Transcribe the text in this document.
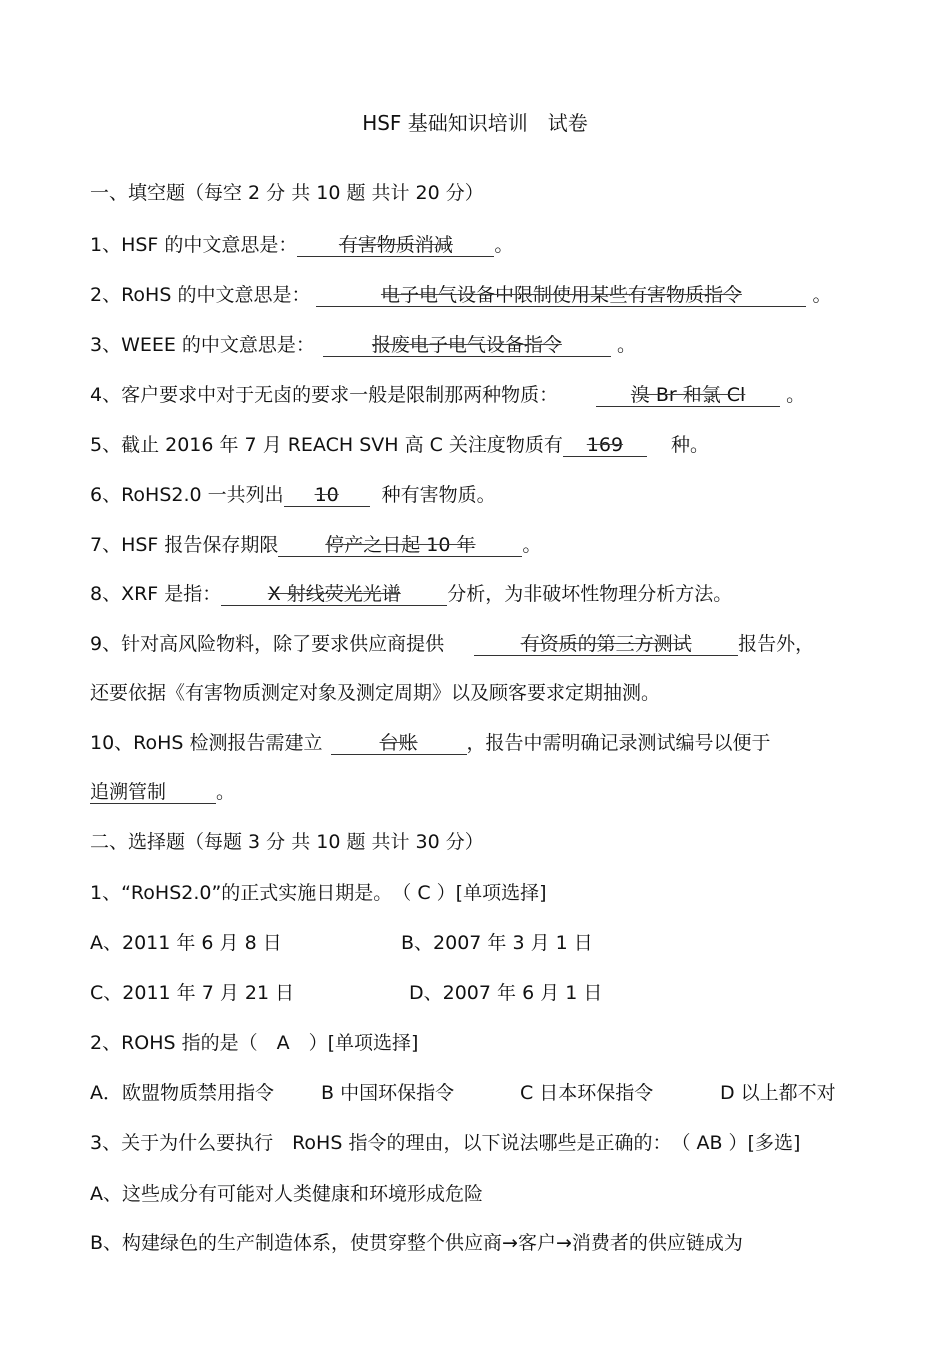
HSF 基础知识培训　试卷
一、填空题（每空 2 分 共 10 题 共计 20 分）
1、HSF 的中文意思是： 有害物质消减 。
2、RoHS 的中文意思是：	电子电气设备中限制使用某些有害物质指令	。
3、WEEE 的中文意思是：	报废电子电气设备指令	。
4、客户要求中对于无卤的要求一般是限制那两种物质：	溴 Br 和氯 Cl 。
5、截止 2016 年 7 月 REACH SVH 高 C 关注度物质有 169	种。
6、RoHS2.0 一共列出 10 种有害物质。
7、HSF 报告保存期限 停产之日起 10 年 。
8、XRF 是指： X 射线荧光光谱 分析，为非破坏性物理分析方法。
9、针对高风险物料，除了要求供应商提供	有资质的第三方测试 报告外，
还要依据《有害物质测定对象及测定周期》以及顾客要求定期抽测。
10、RoHS 检测报告需建立	台账	，报告中需明确记录测试编号以便于
追溯管制	。
二、选择题（每题 3 分 共 10 题 共计 30 分）
1、“RoHS2.0”的正式实施日期是。　（ C ）[单项选择]
A、2011 年 6 月 8 日	B、2007 年 3 月 1 日
C、2011 年 7 月 21 日	D、2007 年 6 月 1 日
2、ROHS 指的是（　A　）[单项选择]
A．欧盟物质禁用指令 B 中国环保指令	C 日本环保指令	D 以上都不对
3、关于为什么要执行　RoHS 指令的理由，以下说法哪些是正确的：　（ AB ）[多选]
A、这些成分有可能对人类健康和环境形成危险
B、构建绿色的生产制造体系，使贯穿整个供应商→客户→消费者的供应链成为
